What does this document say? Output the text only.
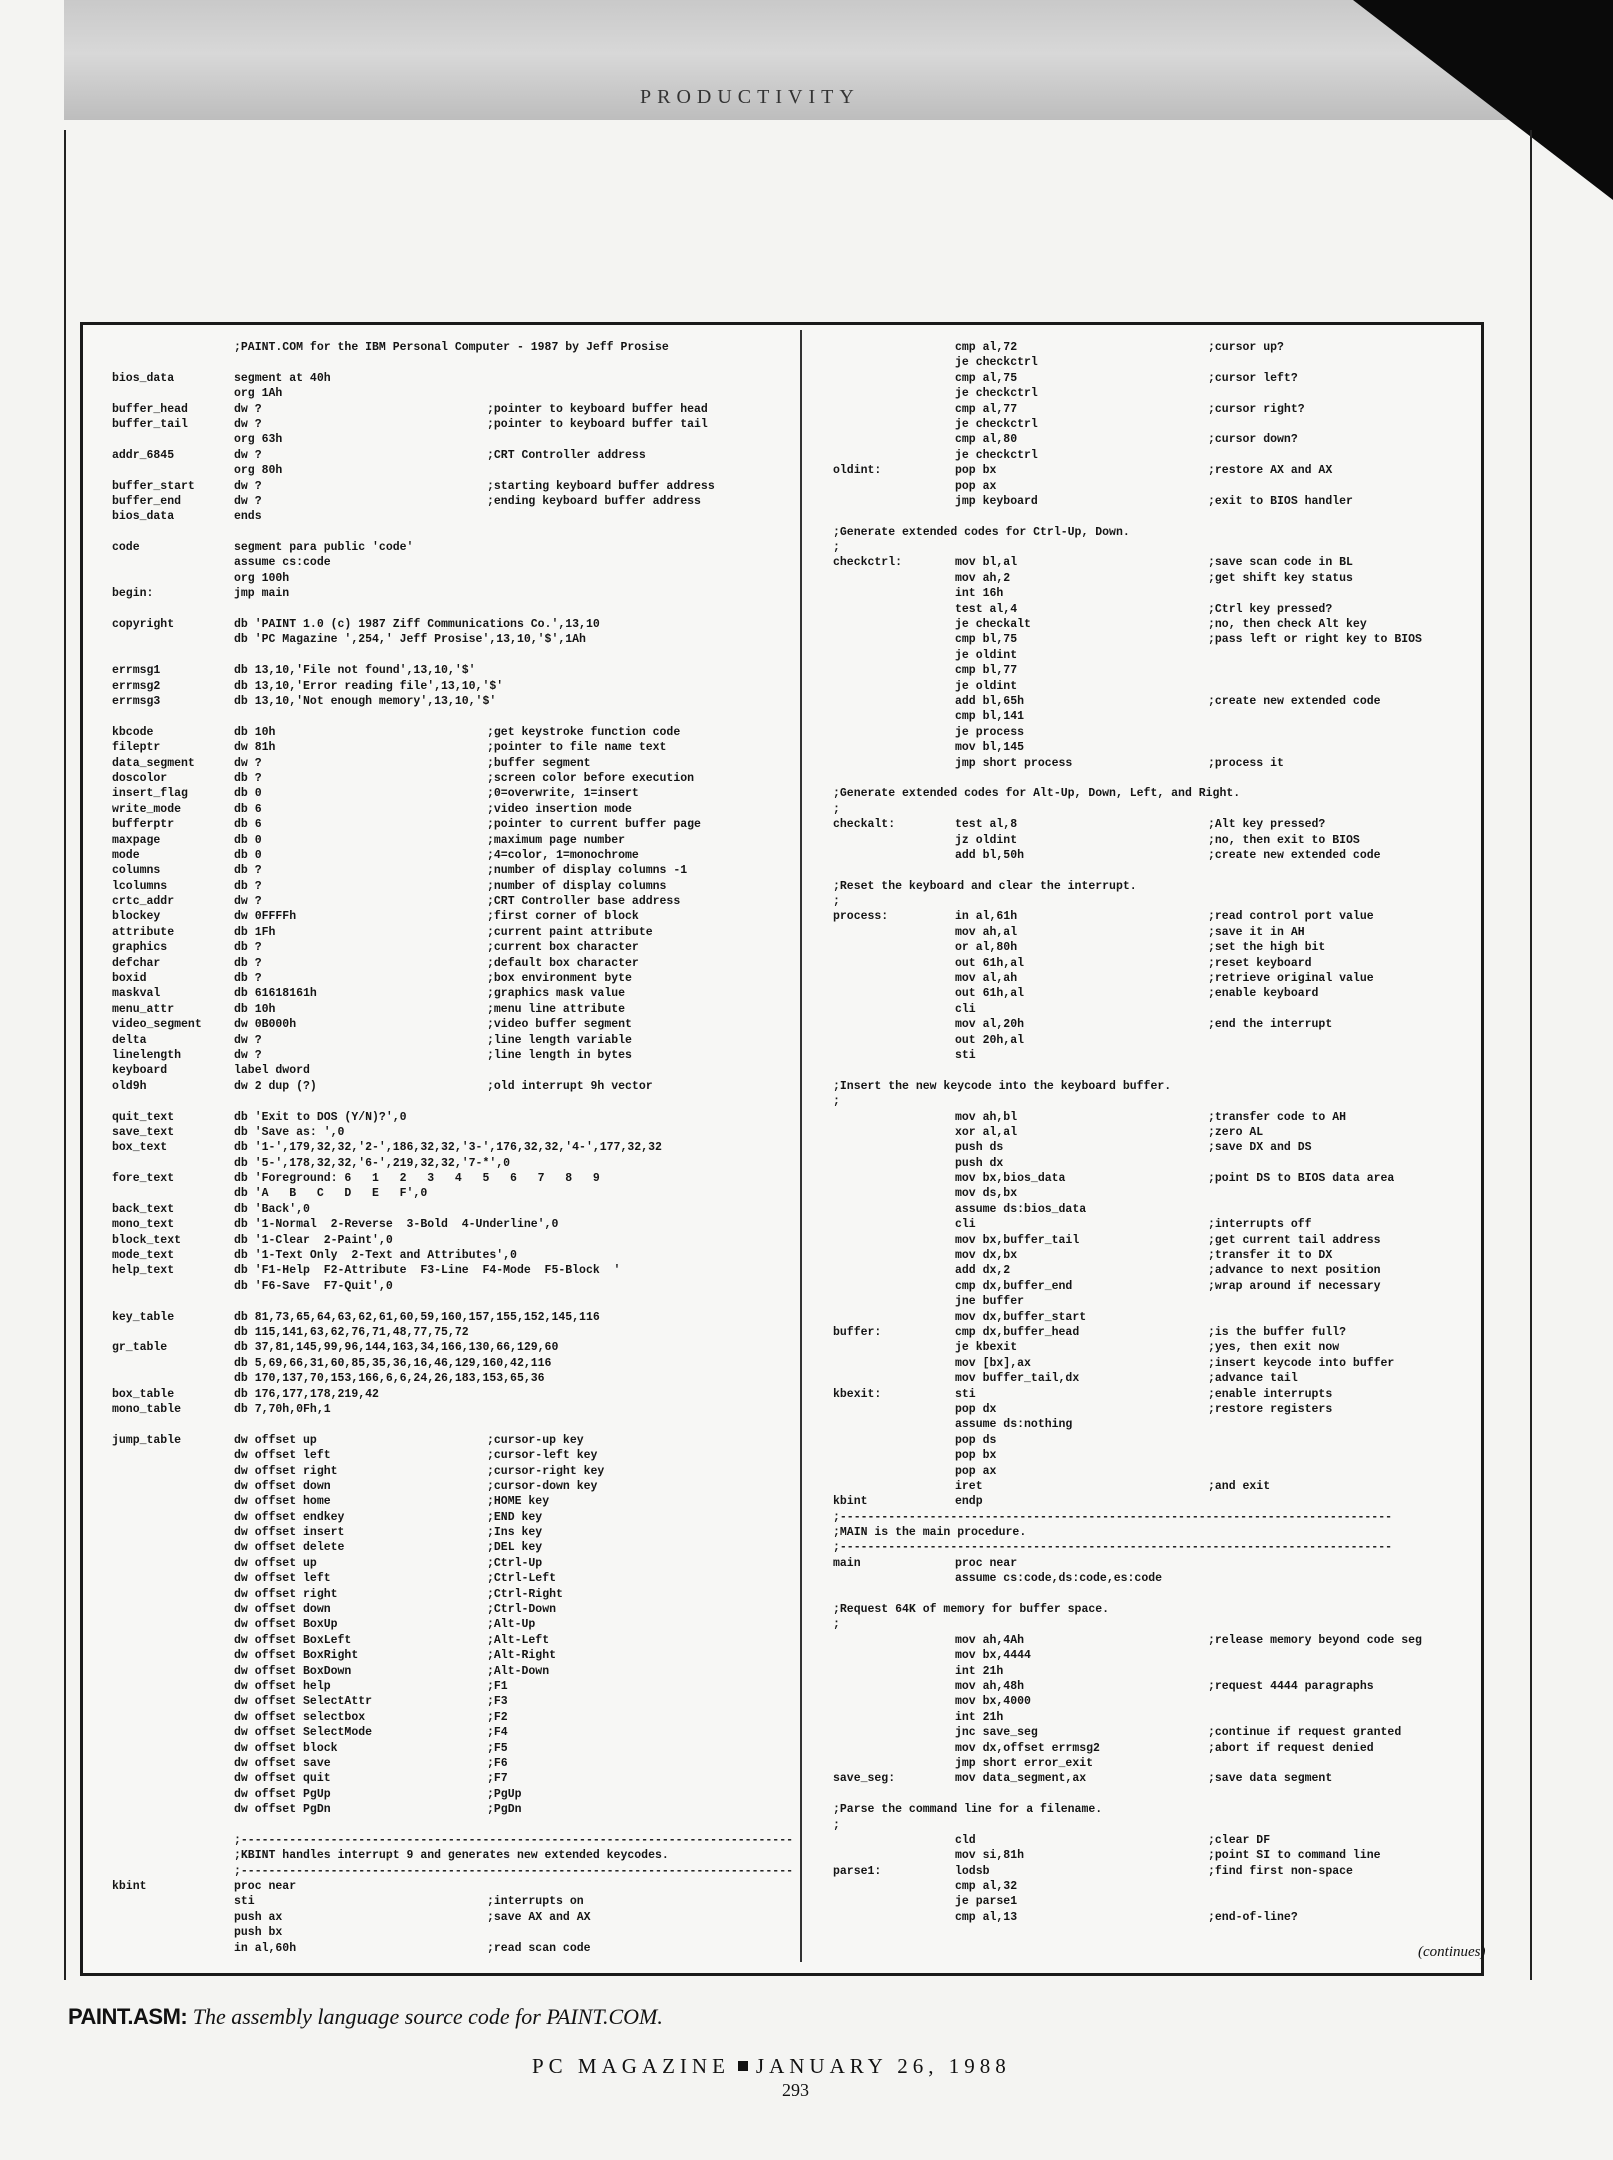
PRODUCTIVITY
;PAINT.COM for the IBM Personal Computer - 1987 by Jeff Prosise
bios_data	segment at 40h
org 1Ah
buffer_head	dw ?	;pointer to keyboard buffer head
buffer_tail	dw ?	;pointer to keyboard buffer tail
org 63h
addr_6845	dw ?	;CRT Controller address
org 80h
buffer_start	dw ?	;starting keyboard buffer address
buffer_end	dw ?	;ending keyboard buffer address
bios_data	ends
code	segment para public 'code'
assume cs:code
org 100h
begin:	jmp main
copyright	db 'PAINT 1.0 (c) 1987 Ziff Communications Co.',13,10
db 'PC Magazine ',254,' Jeff Prosise',13,10,'$',1Ah
errmsg1	db 13,10,'File not found',13,10,'$'
errmsg2	db 13,10,'Error reading file',13,10,'$'
errmsg3	db 13,10,'Not enough memory',13,10,'$'
kbcode	db 10h	;get keystroke function code
fileptr	dw 81h	;pointer to file name text
data_segment	dw ?	;buffer segment
doscolor	db ?	;screen color before execution
insert_flag	db 0	;0=overwrite, 1=insert
write_mode	db 6	;video insertion mode
bufferptr	db 6	;pointer to current buffer page
maxpage	db 0	;maximum page number
mode	db 0	;4=color, 1=monochrome
columns	db ?	;number of display columns -1
lcolumns	db ?	;number of display columns
crtc_addr	dw ?	;CRT Controller base address
blockey	dw 0FFFFh	;first corner of block
attribute	db 1Fh	;current paint attribute
graphics	db ?	;current box character
defchar	db ?	;default box character
boxid	db ?	;box environment byte
maskval	db 61618161h	;graphics mask value
menu_attr	db 10h	;menu line attribute
video_segment	dw 0B000h	;video buffer segment
delta	dw ?	;line length variable
linelength	dw ?	;line length in bytes
keyboard	label dword
old9h	dw 2 dup (?)	;old interrupt 9h vector
quit_text	db 'Exit to DOS (Y/N)?',0
save_text	db 'Save as: ',0
box_text	db '1-',179,32,32,'2-',186,32,32,'3-',176,32,32,'4-',177,32,32
db '5-',178,32,32,'6-',219,32,32,'7-*',0
fore_text	db 'Foreground: 6   1   2   3   4   5   6   7   8   9
db 'A   B   C   D   E   F',0
back_text	db 'Back',0
mono_text	db '1-Normal  2-Reverse  3-Bold  4-Underline',0
block_text	db '1-Clear  2-Paint',0
mode_text	db '1-Text Only  2-Text and Attributes',0
help_text	db 'F1-Help  F2-Attribute  F3-Line  F4-Mode  F5-Block  '
db 'F6-Save  F7-Quit',0
key_table	db 81,73,65,64,63,62,61,60,59,160,157,155,152,145,116
db 115,141,63,62,76,71,48,77,75,72
gr_table	db 37,81,145,99,96,144,163,34,166,130,66,129,60
db 5,69,66,31,60,85,35,36,16,46,129,160,42,116
db 170,137,70,153,166,6,6,24,26,183,153,65,36
box_table	db 176,177,178,219,42
mono_table	db 7,70h,0Fh,1
jump_table	dw offset up	;cursor-up key
dw offset left	;cursor-left key
dw offset right	;cursor-right key
dw offset down	;cursor-down key
dw offset home	;HOME key
dw offset endkey	;END key
dw offset insert	;Ins key
dw offset delete	;DEL key
dw offset up	;Ctrl-Up
dw offset left	;Ctrl-Left
dw offset right	;Ctrl-Right
dw offset down	;Ctrl-Down
dw offset BoxUp	;Alt-Up
dw offset BoxLeft	;Alt-Left
dw offset BoxRight	;Alt-Right
dw offset BoxDown	;Alt-Down
dw offset help	;F1
dw offset SelectAttr	;F3
dw offset selectbox	;F2
dw offset SelectMode	;F4
dw offset block	;F5
dw offset save	;F6
dw offset quit	;F7
dw offset PgUp	;PgUp
dw offset PgDn	;PgDn
;--------------------------------------------------------------------------------
;KBINT handles interrupt 9 and generates new extended keycodes.
;--------------------------------------------------------------------------------
kbint	proc near
sti	;interrupts on
push ax	;save AX and AX
push bx
in al,60h	;read scan code
cmp al,72	;cursor up?
je checkctrl
cmp al,75	;cursor left?
je checkctrl
cmp al,77	;cursor right?
je checkctrl
cmp al,80	;cursor down?
je checkctrl
oldint:	pop bx	;restore AX and AX
pop ax
jmp keyboard	;exit to BIOS handler
;Generate extended codes for Ctrl-Up, Down.
;
checkctrl:	mov bl,al	;save scan code in BL
mov ah,2	;get shift key status
int 16h
test al,4	;Ctrl key pressed?
je checkalt	;no, then check Alt key
cmp bl,75	;pass left or right key to BIOS
je oldint
cmp bl,77
je oldint
add bl,65h	;create new extended code
cmp bl,141
je process
mov bl,145
jmp short process	;process it
;Generate extended codes for Alt-Up, Down, Left, and Right.
;
checkalt:	test al,8	;Alt key pressed?
jz oldint	;no, then exit to BIOS
add bl,50h	;create new extended code
;Reset the keyboard and clear the interrupt.
;
process:	in al,61h	;read control port value
mov ah,al	;save it in AH
or al,80h	;set the high bit
out 61h,al	;reset keyboard
mov al,ah	;retrieve original value
out 61h,al	;enable keyboard
cli
mov al,20h	;end the interrupt
out 20h,al
sti
;Insert the new keycode into the keyboard buffer.
;
mov ah,bl	;transfer code to AH
xor al,al	;zero AL
push ds	;save DX and DS
push dx
mov bx,bios_data	;point DS to BIOS data area
mov ds,bx
assume ds:bios_data
cli	;interrupts off
mov bx,buffer_tail	;get current tail address
mov dx,bx	;transfer it to DX
add dx,2	;advance to next position
cmp dx,buffer_end	;wrap around if necessary
jne buffer
mov dx,buffer_start
buffer:	cmp dx,buffer_head	;is the buffer full?
je kbexit	;yes, then exit now
mov [bx],ax	;insert keycode into buffer
mov buffer_tail,dx	;advance tail
kbexit:	sti	;enable interrupts
pop dx	;restore registers
assume ds:nothing
pop ds
pop bx
pop ax
iret	;and exit
kbint	endp
;--------------------------------------------------------------------------------
;MAIN is the main procedure.
;--------------------------------------------------------------------------------
main	proc near
assume cs:code,ds:code,es:code
;Request 64K of memory for buffer space.
;
mov ah,4Ah	;release memory beyond code seg
mov bx,4444
int 21h
mov ah,48h	;request 4444 paragraphs
mov bx,4000
int 21h
jnc save_seg	;continue if request granted
mov dx,offset errmsg2	;abort if request denied
jmp short error_exit
save_seg:	mov data_segment,ax	;save data segment
;Parse the command line for a filename.
;
cld	;clear DF
mov si,81h	;point SI to command line
parse1:	lodsb	;find first non-space
cmp al,32
je parse1
cmp al,13	;end-of-line?
(continues)
PAINT.ASM: The assembly language source code for PAINT.COM.
PC MAGAZINE JANUARY 26, 1988
293
